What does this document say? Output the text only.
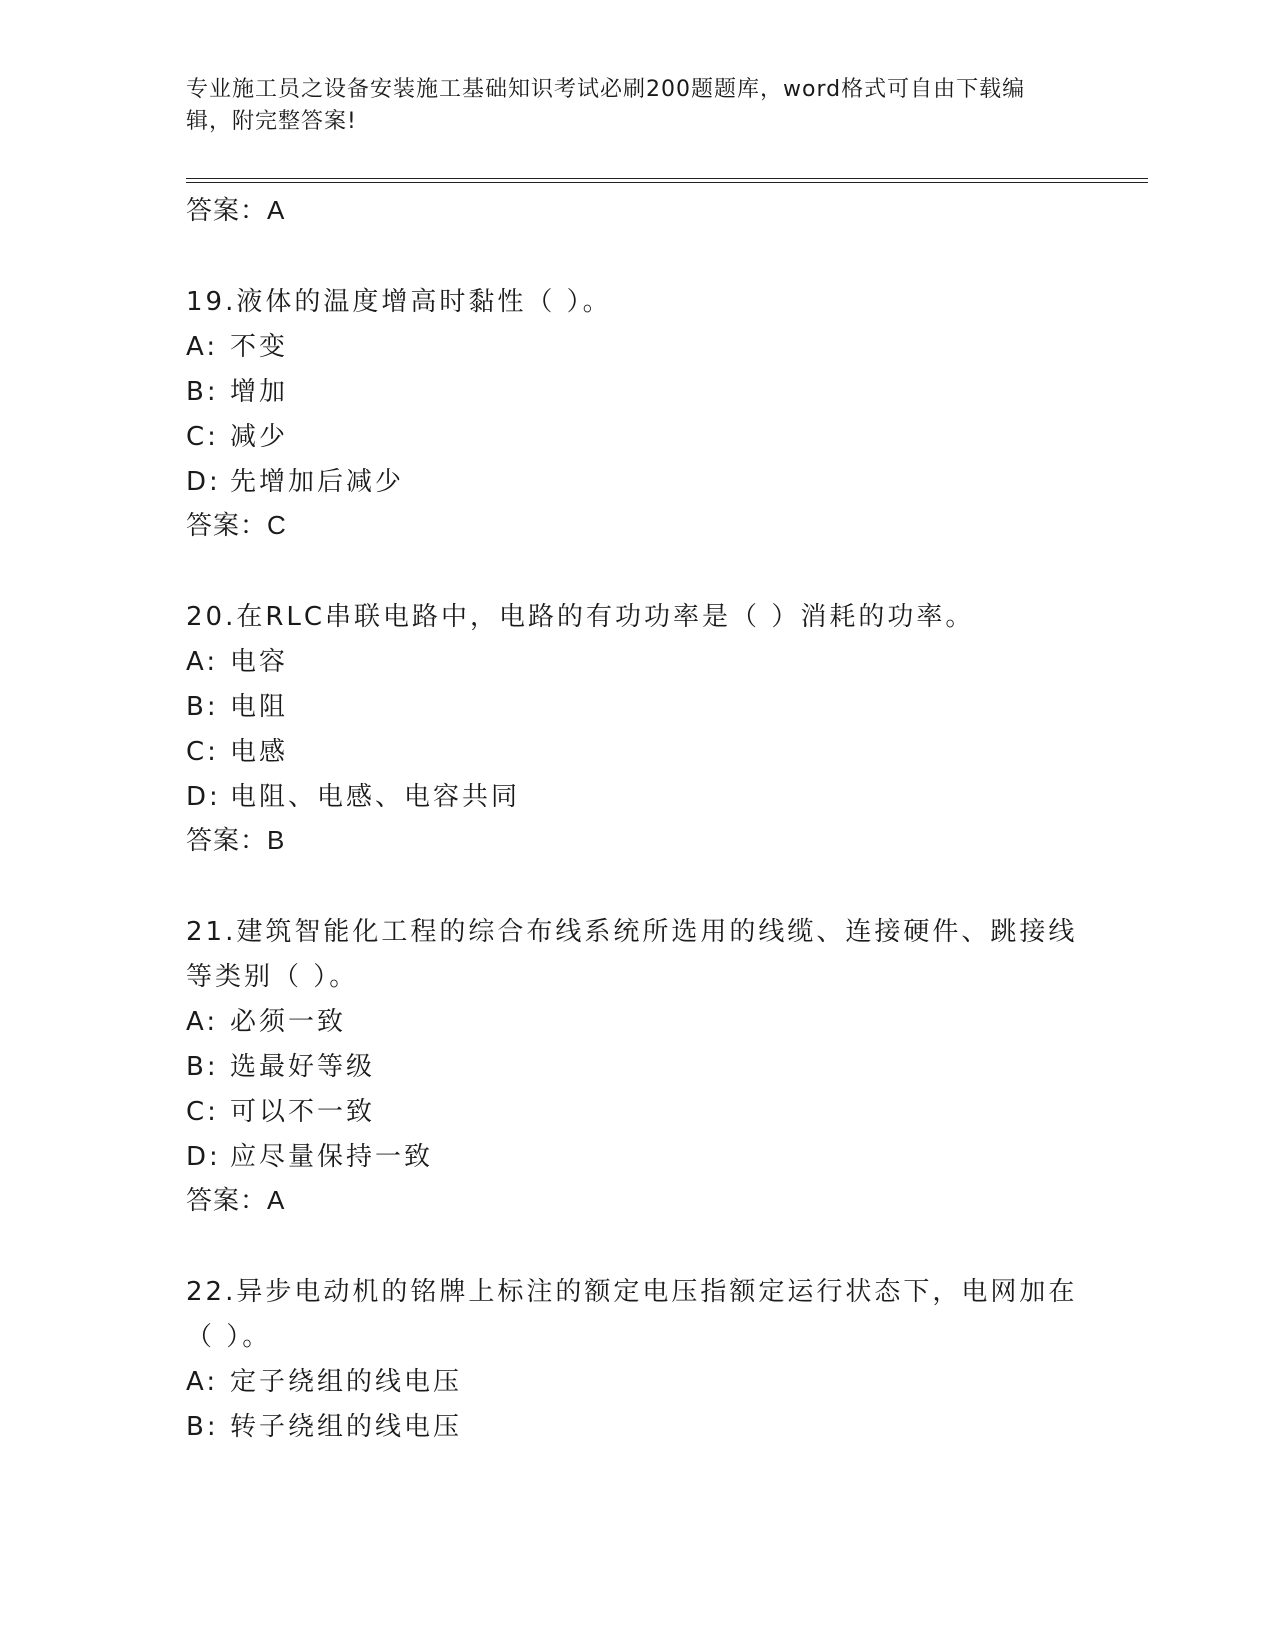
专业施工员之设备安装施工基础知识考试必刷200题题库，word格式可自由下载编辑，附完整答案!
答案：A
19.液体的温度增高时黏性（ ）。
A: 不变
B: 增加
C: 减少
D: 先增加后减少
答案：C
20.在RLC串联电路中，电路的有功功率是（ ）消耗的功率。
A: 电容
B: 电阻
C: 电感
D: 电阻、电感、电容共同
答案：B
21.建筑智能化工程的综合布线系统所选用的线缆、连接硬件、跳接线等类别（ ）。
A: 必须一致
B: 选最好等级
C: 可以不一致
D: 应尽量保持一致
答案：A
22.异步电动机的铭牌上标注的额定电压指额定运行状态下，电网加在（ ）。
A: 定子绕组的线电压
B: 转子绕组的线电压
